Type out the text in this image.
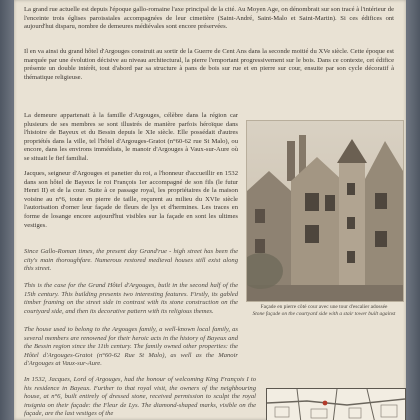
La grand rue actuelle est depuis l'époque gallo-romaine l'axe principal de la cité. Au Moyen Age, on dénombrait sur son tracé à l'intérieur de l'enceinte trois églises paroissiales accompagnées de leur cimetière (Saint-André, Saint-Malo et Saint-Martin). Si ces édifices ont aujourd'hui disparu, nombre de demeures médiévales sont encore préservées.

Il en va ainsi du grand hôtel d'Argouges construit au sortir de la Guerre de Cent Ans dans la seconde moitié du XVe siècle. Cette époque est marquée par une évolution décisive au niveau architectural, la pierre l'emportant progressivement sur le bois. Dans ce contexte, cet édifice présente un double intérêt, tout d'abord par sa structure à pans de bois sur rue et en pierre sur cour, ensuite par son cycle décoratif à thématique religieuse.

La demeure appartenait à la famille d'Argouges, célèbre dans la région car plusieurs de ses membres se sont illustrés de manière parfois héroïque dans l'histoire de Bayeux et du Bessin depuis le XIe siècle. Elle possédait d'autres propriétés dans la ville, tel l'hôtel d'Argouges-Gratot (n°60-62 rue St Malo), ou encore, dans les environs immédiats, le manoir d'Argouges à Vaux-sur-Aure où se situait le fief familial.

Jacques, seigneur d'Argouges et panetier du roi, a l'honneur d'accueillir en 1532 dans son hôtel de Bayeux le roi François 1er accompagné de son fils (le futur Henri II) et de la cour. Suite à ce passage royal, les propriétaires de la maison voisine au n°6, toute en pierre de taille, reçurent au milieu du XVIe siècle l'autorisation d'orner leur façade de fleurs de lys et d'hermines. Les traces en forme de losange encore aujourd'hui visibles sur la façade en sont les ultimes vestiges.

Façade en pierre côté cour avec une tour d'escalier adossée
Stone façade on the courtyard side with a stair tower built against

Since Gallo-Roman times, the present day Grand'rue - high street has been the city's main thoroughfare. Numerous restored medieval houses still exist along this street.

This is the case for the Grand Hôtel d'Argouges, built in the second half of the 15th century. This building presents two interesting features. Firstly, its gabled timber framing on the street side in contrast with its stone construction on the courtyard side, and then its decorative pattern with its religious themes.

The house used to belong to the Argouges family, a well-known local family, as several members are renowned for their heroic acts in the history of Bayeux and the Bessin region since the 11th century. The family owned other properties: the Hôtel d'Argouges-Gratot (n°60-62 Rue St Malo), as well as the Manoir d'Argouges at Vaux-sur-Aure.

In 1532, Jacques, Lord of Argouges, had the honour of welcoming King François I to his residence in Bayeux. Further to that royal visit, the owners of the neighbouring house, at n°6, built entirely of dressed stone, received permission to sculpt the royal insignia on their façade: the Fleur de Lys. The diamond-shaped marks, visible on the façade, are the last vestiges of the
